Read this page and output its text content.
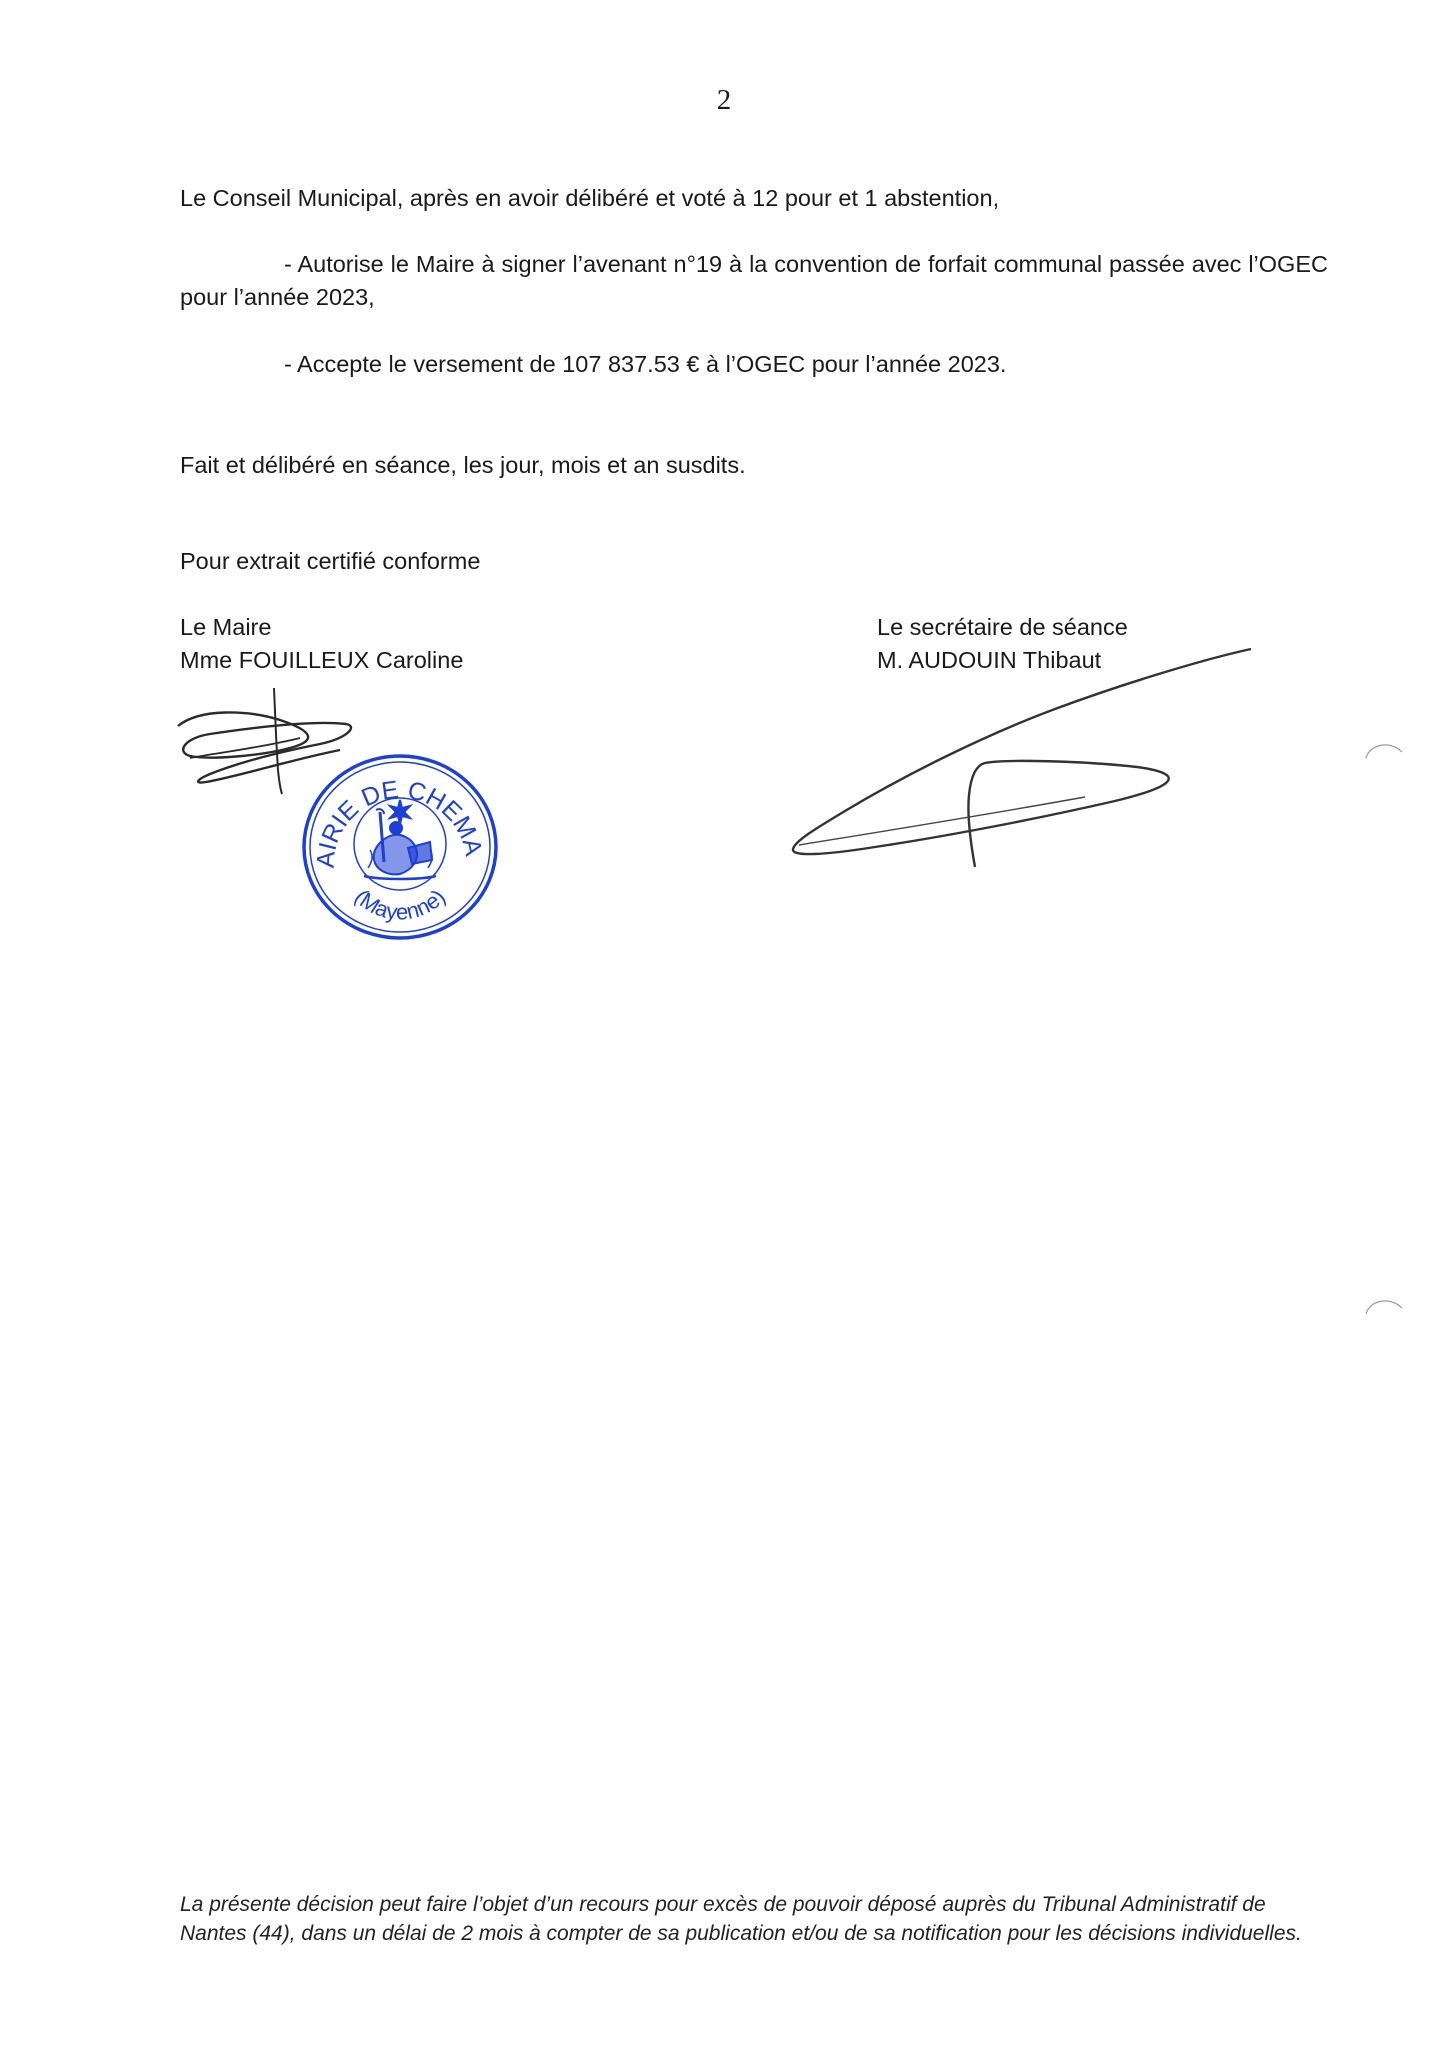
2
Le Conseil Municipal, après en avoir délibéré et voté à 12 pour et 1 abstention,
- Autorise le Maire à signer l’avenant n°19 à la convention de forfait communal passée avec l’OGEC pour l’année 2023,
- Accepte le versement de 107 837.53 € à l’OGEC pour l’année 2023.
Fait et délibéré en séance, les jour, mois et an susdits.
Pour extrait certifié conforme
Le Maire
Mme FOUILLEUX Caroline
Le secrétaire de séance
M. AUDOUIN Thibaut
MAIRIE DE CHEMAZE
(Mayenne)
La présente décision peut faire l’objet d’un recours pour excès de pouvoir déposé auprès du Tribunal Administratif de Nantes (44), dans un délai de 2 mois à compter de sa publication et/ou de sa notification pour les décisions individuelles.
